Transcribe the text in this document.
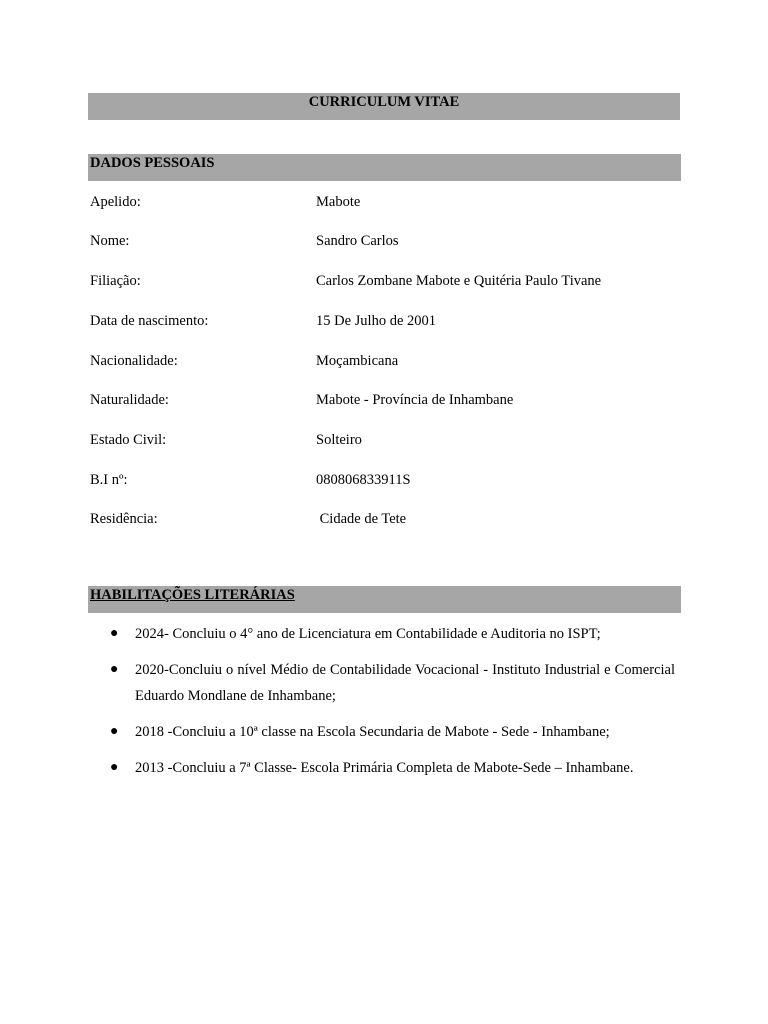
CURRICULUM VITAE
DADOS PESSOAIS
Apelido:	Mabote
Nome:	Sandro Carlos
Filiação:	Carlos Zombane Mabote e Quitéria Paulo Tivane
Data de nascimento:	15 De Julho de 2001
Nacionalidade:	Moçambicana
Naturalidade:	Mabote - Província de Inhambane
Estado Civil:	Solteiro
B.I nº:	080806833911S
Residência:	Cidade de Tete
HABILITAÇÕES LITERÁRIAS
● 2024- Concluiu o 4° ano de Licenciatura em Contabilidade e Auditoria no ISPT;
● 2020-Concluiu o nível Médio de Contabilidade Vocacional - Instituto Industrial e Comercial Eduardo Mondlane de Inhambane;
● 2018 -Concluiu a 10ª classe na Escola Secundaria de Mabote - Sede - Inhambane;
● 2013 -Concluiu a 7ª Classe- Escola Primária Completa de Mabote-Sede – Inhambane.
